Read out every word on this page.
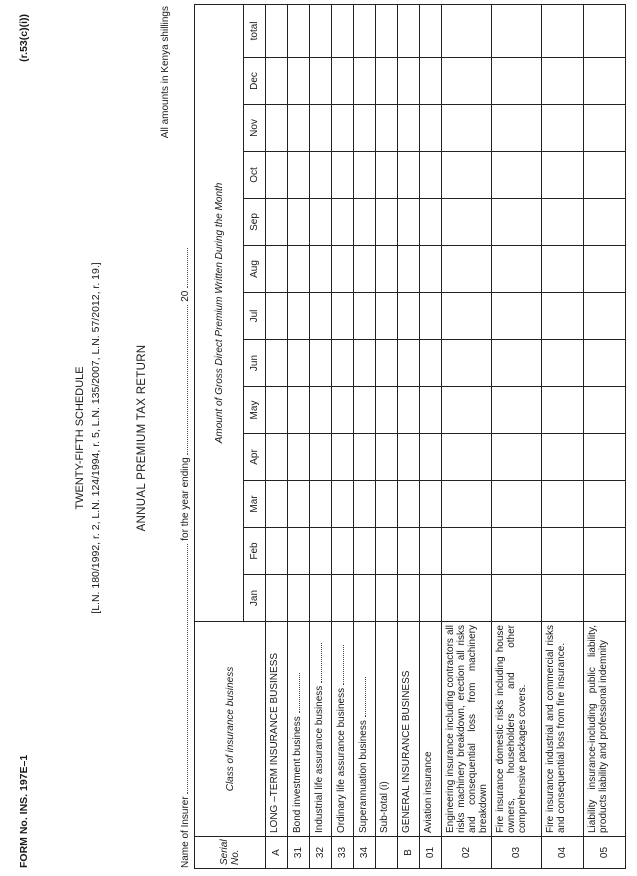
FORM No. INS. 197E–1
(r.53(c)(i))
TWENTY-FIFTH SCHEDULE [L.N. 180/1992, r. 2, L.N. 124/1994, r. 5, L.N. 135/2007, L.N. 57/2012, r. 19.]	ANNUAL PREMIUM TAX RETURN
All amounts in Kenya shillings
Name of Insurer  for the year ending  20
Serial No.	Class of insurance business	Amount of Gross Direct Premium Written During the Month												
		Jan	Feb	Mar	Apr	May	Jun	Jul	Aug	Sep	Oct	Nov	Dec	total
A	LONG –TERM INSURANCE BUSINESS													
31	Bond investment business													
32	Industrial life assurance business													
33	Ordinary life assurance business													
34	Superannuation business													
	Sub-total (i)													
B	GENERAL INSURANCE BUSINESS													
01	Aviation insurance													
02	Engineering insurance including contractors all risks machinery breakdown, erection all risks and consequential loss from machinery breakdown													
03	Fire insurance domestic risks including house owners, householders and other comprehensive packages covers.													
04	Fire insurance industrial and commercial risks and consequential loss from fire insurance.													
05	Liability insurance-including public liability, products liability and professional indemnity													
